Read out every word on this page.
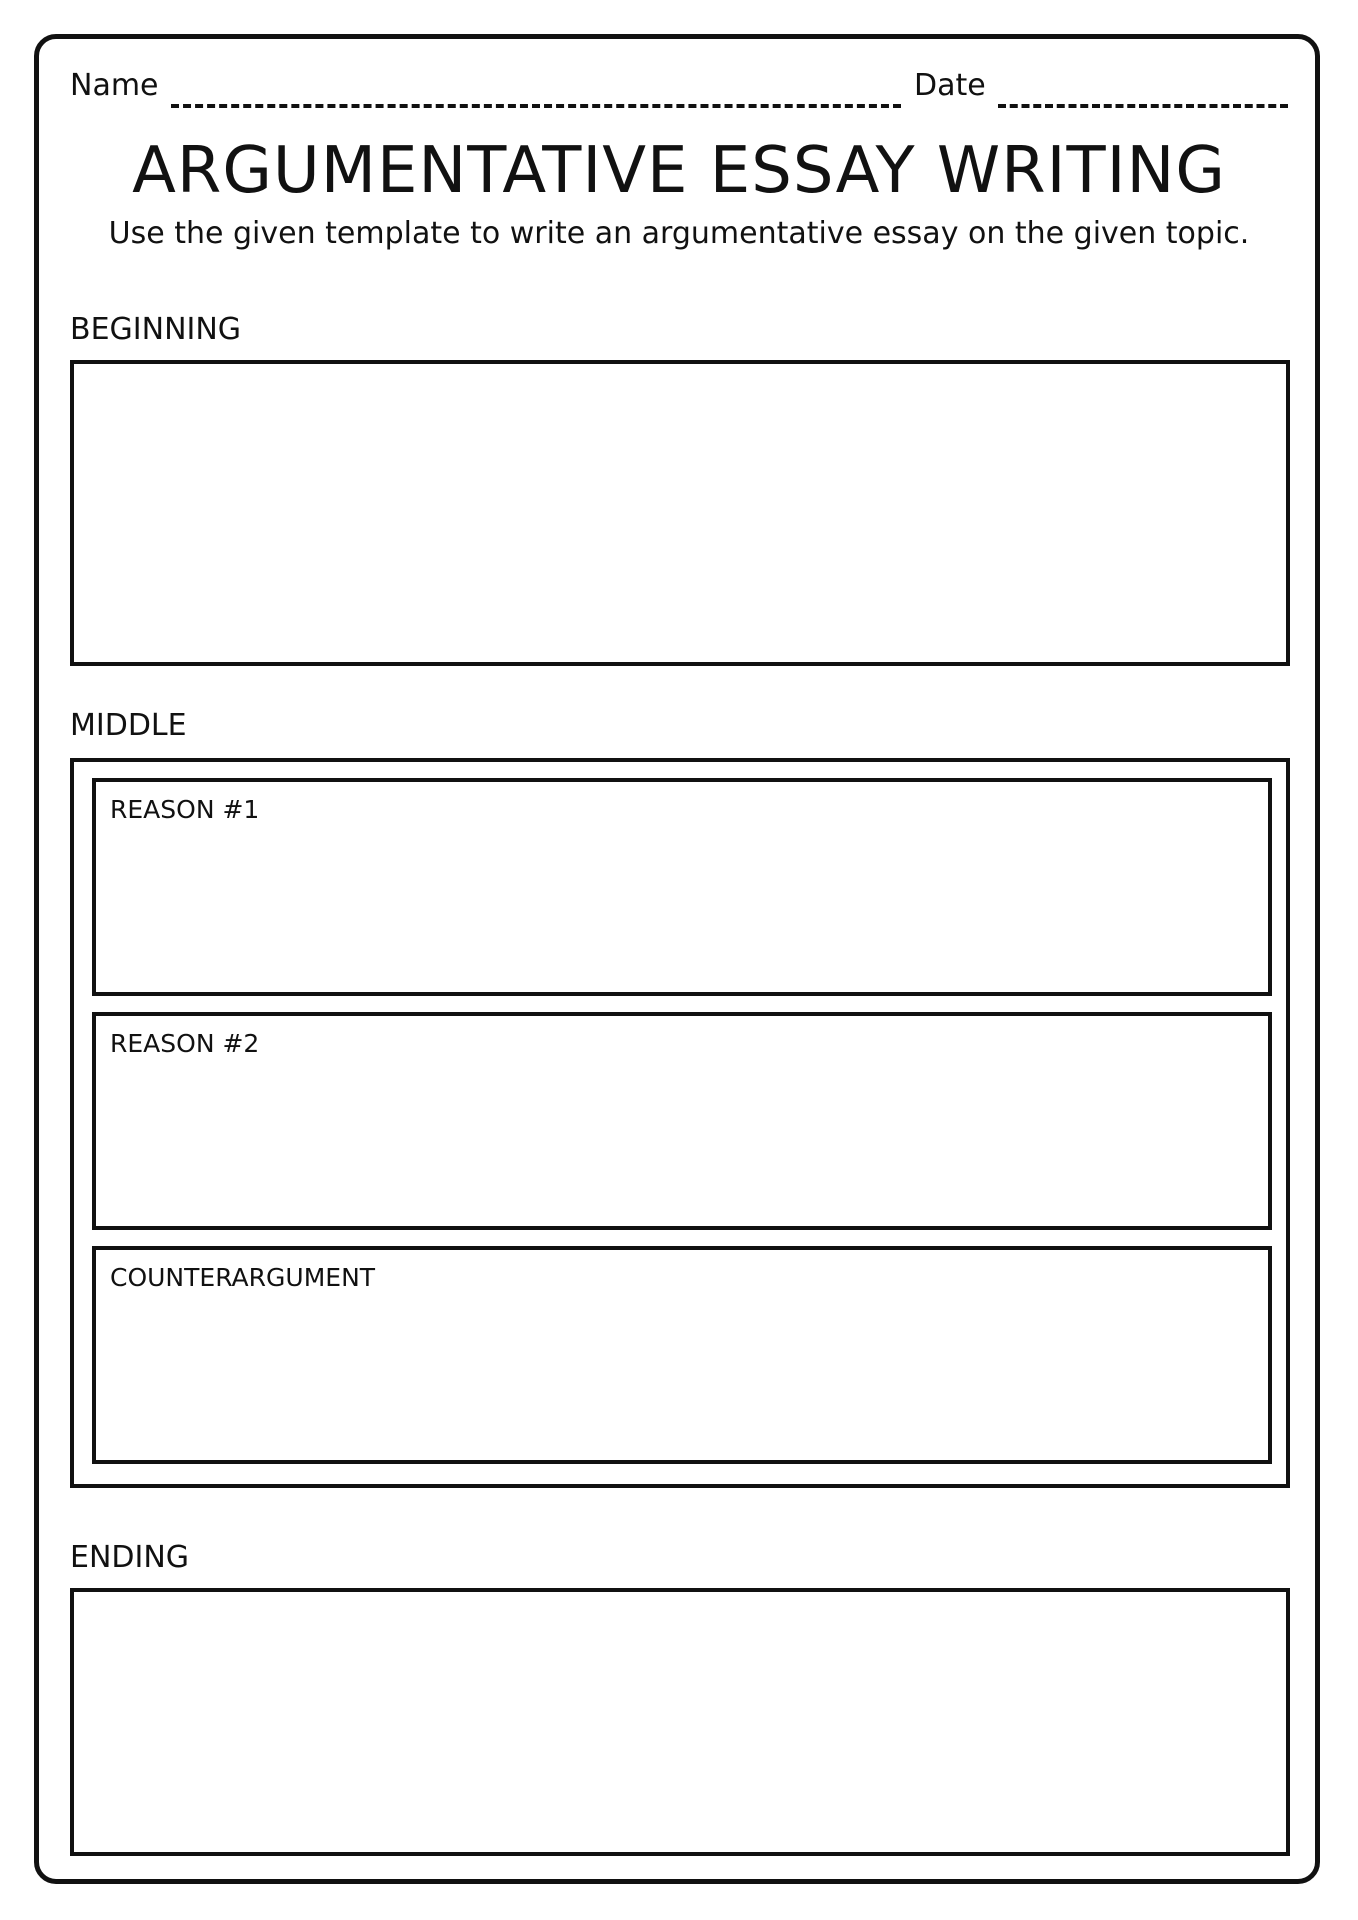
Name	Date
ARGUMENTATIVE ESSAY WRITING
Use the given template to write an argumentative essay on the given topic.
BEGINNING
MIDDLE
REASON #1
REASON #2
COUNTERARGUMENT
ENDING
